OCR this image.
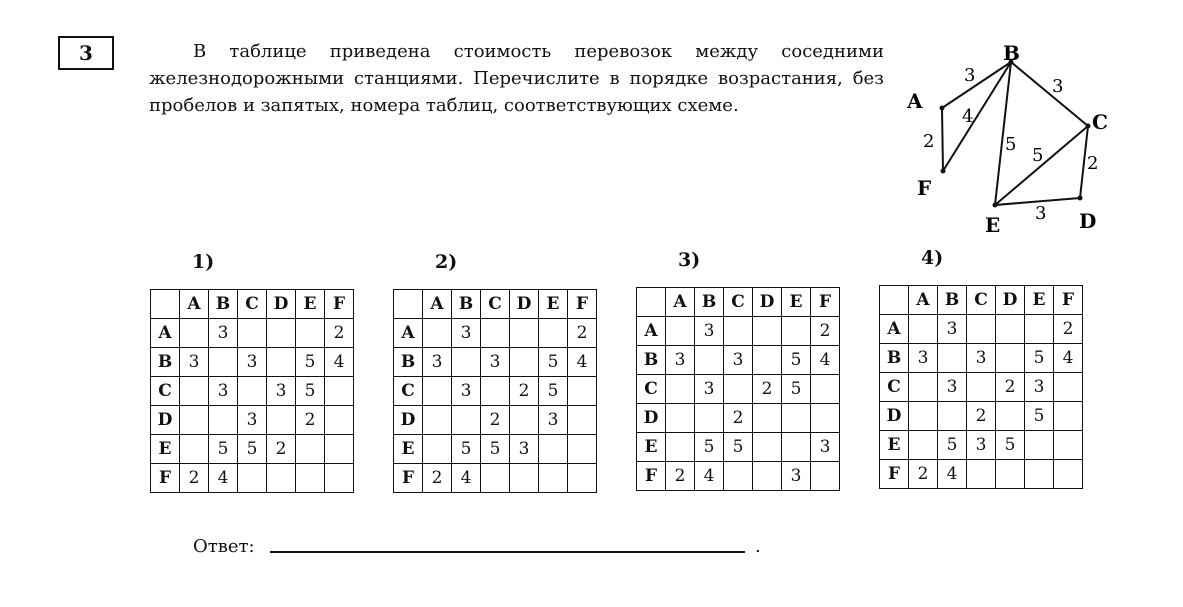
3	В таблице приведена стоимость перевозок между соседними железнодорожными станциями. Перечислите в порядке возрастания, без пробелов и запятых, номера таблиц, соответствующих схеме.	A
B
C
D
E
F
3
2
4
3
5
5 2
3
1)
	A	B	C	D	E	F
A		3				2
B	3		3		5	4
C		3		3	5	
D			3		2	
E		5	5	2		
F	2	4				
2)
	A	B	C	D	E	F
A		3				2
B	3		3		5	4
C		3		2	5	
D			2		3	
E		5	5	3		
F	2	4				
3)
	A	B	C	D	E	F
A		3				2
B	3		3		5	4
C		3		2	5	
D			2			
E		5	5			3
F	2	4			3	
4)
	A	B	C	D	E	F
A		3				2
B	3		3		5	4
C		3		2	3	
D			2		5	
E		5	3	5		
F	2	4				
Ответ:	.
